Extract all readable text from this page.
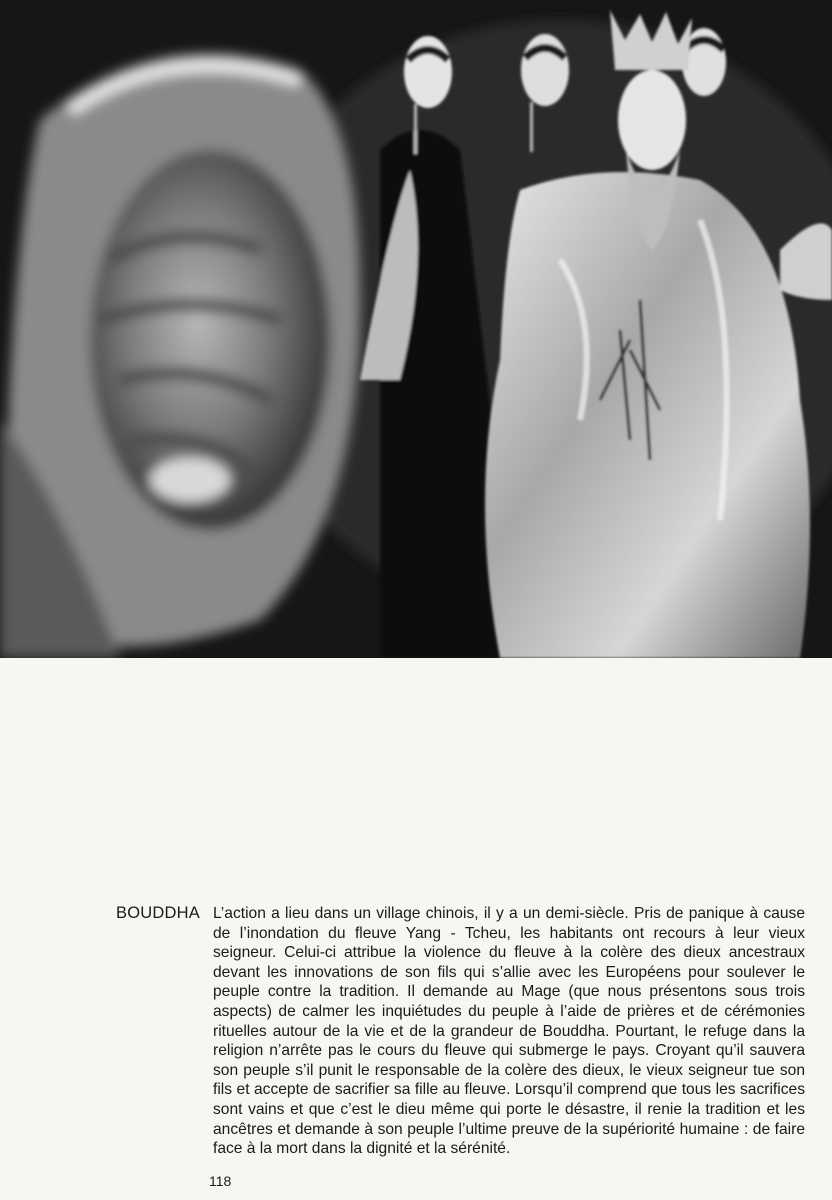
BOUDDHA L’action a lieu dans un village chinois, il y a un demi-siècle. Pris de panique à cause de l’inondation du fleuve Yang - Tcheu, les habitants ont recours à leur vieux seigneur. Celui-ci attribue la violence du fleuve à la colère des dieux ancestraux devant les innovations de son fils qui s’allie avec les Européens pour soulever le peuple contre la tradition. Il demande au Mage (que nous présentons sous trois aspects) de calmer les inquiétudes du peuple à l’aide de prières et de cérémonies rituelles autour de la vie et de la grandeur de Bouddha. Pourtant, le refuge dans la religion n’arrête pas le cours du fleuve qui submerge le pays. Croyant qu’il sauvera son peuple s’il punit le responsable de la colère des dieux, le vieux seigneur tue son fils et accepte de sacrifier sa fille au fleuve. Lorsqu’il comprend que tous les sacrifices sont vains et que c’est le dieu même qui porte le désastre, il renie la tradition et les ancêtres et demande à son peuple l’ultime preuve de la supériorité humaine : de faire face à la mort dans la dignité et la sérénité.
118
